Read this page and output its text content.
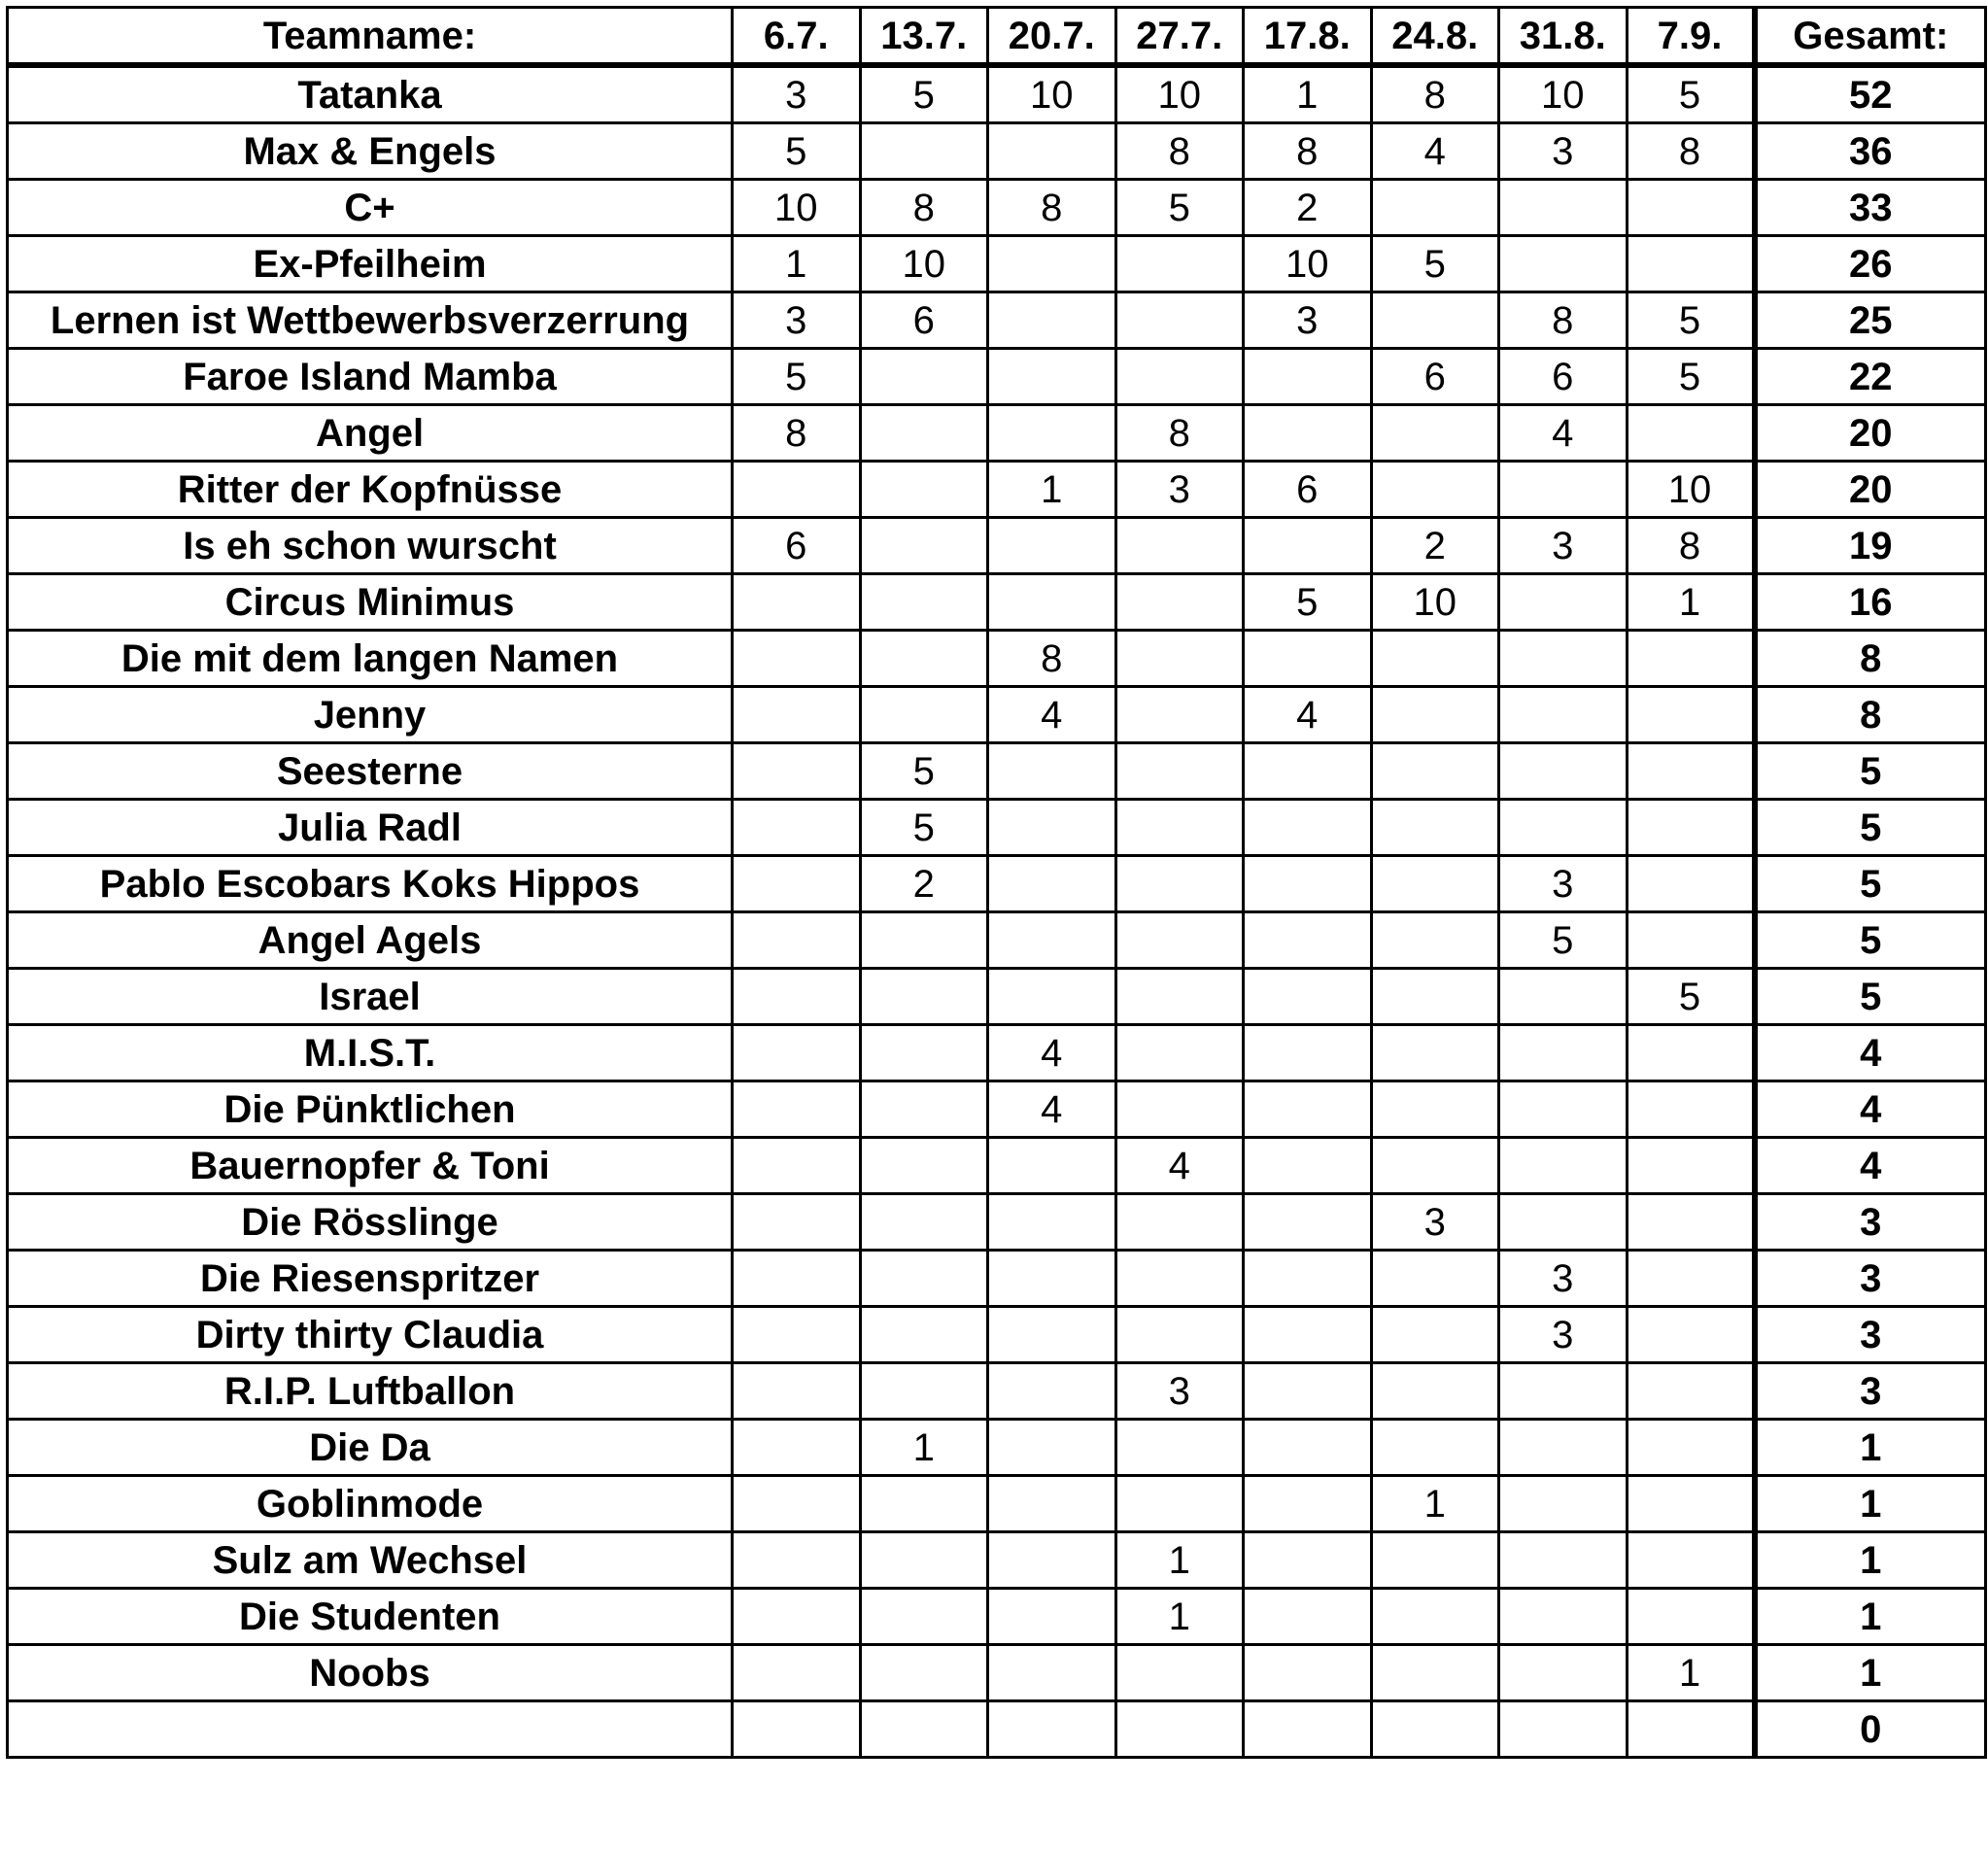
Teamname:	6.7.	13.7.	20.7.	27.7.	17.8.	24.8.	31.8.	7.9.	Gesamt:
Tatanka	3	5	10	10	1	8	10	5	52
Max & Engels	5			8	8	4	3	8	36
C+	10	8	8	5	2				33
Ex-Pfeilheim	1	10			10	5			26
Lernen ist Wettbewerbsverzerrung	3	6			3		8	5	25
Faroe Island Mamba	5					6	6	5	22
Angel	8			8			4		20
Ritter der Kopfnüsse			1	3	6			10	20
Is eh schon wurscht	6					2	3	8	19
Circus Minimus					5	10		1	16
Die mit dem langen Namen			8						8
Jenny			4		4				8
Seesterne		5							5
Julia Radl		5							5
Pablo Escobars Koks Hippos		2					3		5
Angel Agels							5		5
Israel								5	5
M.I.S.T.			4						4
Die Pünktlichen			4						4
Bauernopfer & Toni				4					4
Die Rösslinge						3			3
Die Riesenspritzer							3		3
Dirty thirty Claudia							3		3
R.I.P. Luftballon				3					3
Die Da		1							1
Goblinmode						1			1
Sulz am Wechsel				1					1
Die Studenten				1					1
Noobs								1	1
									0
